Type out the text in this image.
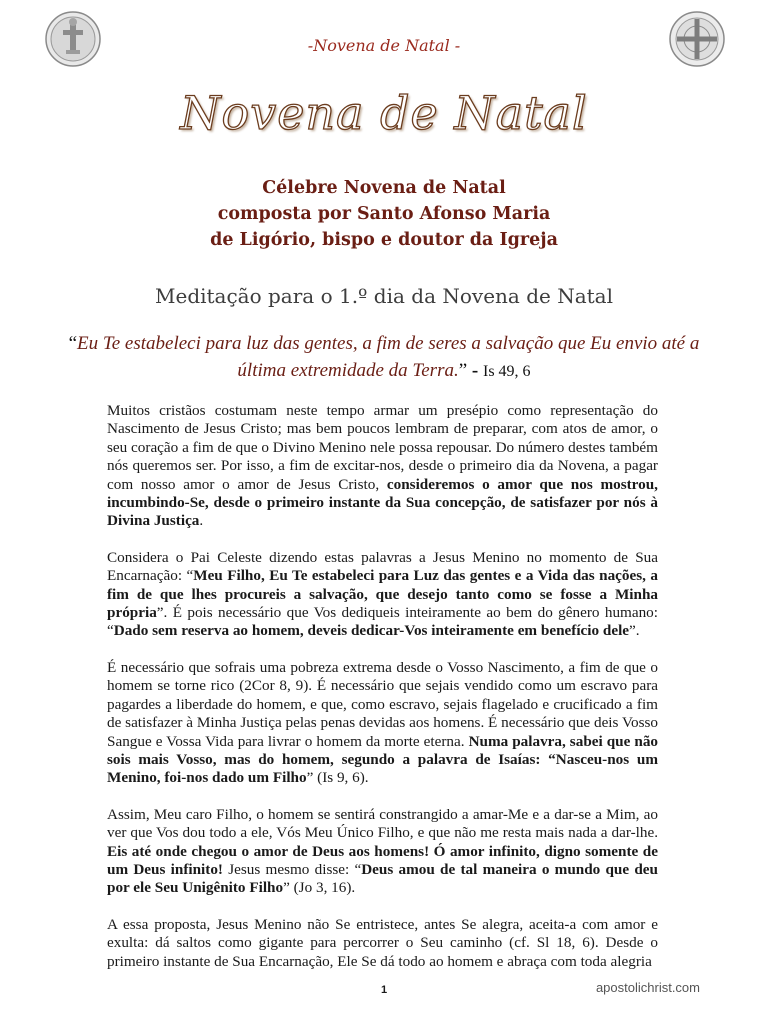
-Novena de Natal -
Novena de Natal
Célebre Novena de Natal
composta por Santo Afonso Maria
de Ligório, bispo e doutor da Igreja
Meditação para o 1.º dia da Novena de Natal
“Eu Te estabeleci para luz das gentes, a fim de seres a salvação que Eu envio até a última extremidade da Terra.” - Is 49, 6

Muitos cristãos costumam neste tempo armar um presépio como representação do Nascimento de Jesus Cristo; mas bem poucos lembram de preparar, com atos de amor, o seu coração a fim de que o Divino Menino nele possa repousar. Do número destes também nós queremos ser. Por isso, a fim de excitar-nos, desde o primeiro dia da Novena, a pagar com nosso amor o amor de Jesus Cristo, consideremos o amor que nos mostrou, incumbindo-Se, desde o primeiro instante da Sua concepção, de satisfazer por nós à Divina Justiça.

Considera o Pai Celeste dizendo estas palavras a Jesus Menino no momento de Sua Encarnação: “Meu Filho, Eu Te estabeleci para Luz das gentes e a Vida das nações, a fim de que lhes procureis a salvação, que desejo tanto como se fosse a Minha própria”. É pois necessário que Vos dediqueis inteiramente ao bem do gênero humano: “Dado sem reserva ao homem, deveis dedicar-Vos inteiramente em benefício dele”.

É necessário que sofrais uma pobreza extrema desde o Vosso Nascimento, a fim de que o homem se torne rico (2Cor 8, 9). É necessário que sejais vendido como um escravo para pagardes a liberdade do homem, e que, como escravo, sejais flagelado e crucificado a fim de satisfazer à Minha Justiça pelas penas devidas aos homens. É necessário que deis Vosso Sangue e Vossa Vida para livrar o homem da morte eterna. Numa palavra, sabei que não sois mais Vosso, mas do homem, segundo a palavra de Isaías: “Nasceu-nos um Menino, foi-nos dado um Filho” (Is 9, 6).

Assim, Meu caro Filho, o homem se sentirá constrangido a amar-Me e a dar-se a Mim, ao ver que Vos dou todo a ele, Vós Meu Único Filho, e que não me resta mais nada a dar-lhe. Eis até onde chegou o amor de Deus aos homens! Ó amor infinito, digno somente de um Deus infinito! Jesus mesmo disse: “Deus amou de tal maneira o mundo que deu por ele Seu Unigênito Filho” (Jo 3, 16).

A essa proposta, Jesus Menino não Se entristece, antes Se alegra, aceita-a com amor e exulta: dá saltos como gigante para percorrer o Seu caminho (cf. Sl 18, 6). Desde o primeiro instante de Sua Encarnação, Ele Se dá todo ao homem e abraça com toda alegria

1	apostolichrist.com
